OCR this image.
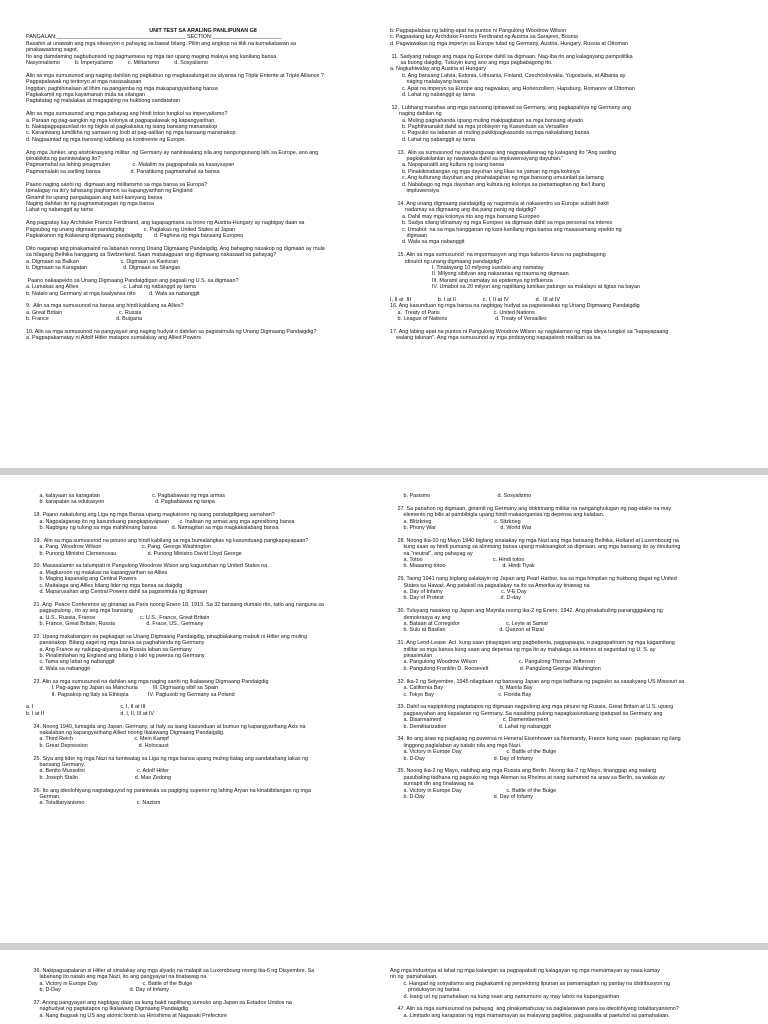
UNIT TEST SA ARALING PANLIPUNAN G8
PANGALAN:___________________________________________ SECTION:_______________________
Basahin at unawain ang mga siteasyon o pahayag sa bawat bilang. Piliin ang angkop na titik na kumakatawan sa
pinakawastong sagot.
Ito ang damdaming nagbubunsod ng pagmamasa ng mga tao upang maging malaya ang kanilang bansa.
Nasyonalismo          b. Imperyalismo          c. Militarismo          d. Sosyalismo
Alin sa mga sumusunod ang naging dahilan ng pagkabuo ng magkasalungat na alyansa ng Triple Entente at Triple Alliance ?
Pagpapalawak ng teritoryo at mga nasasakupan
Inggitan, paghihinalaan at lihim na pangamba ng mga makapangyarihang bansa
Pagkakamit ng mga kayamanan mula sa silangan
Pagtatatag ng malalakas at magagaling na hukbong sandatahan
Alin sa mga sumusunod ang mga pahayag ang hindi totoo tungkol sa imperyalismo?
a. Paraan ng pag-aangkin ng mga kolonya at pagpapalawak ng kapangyarihan.
b. Nakapagpapaunlad ito ng bigkis at pagkakaisa ng isang bansang mananakop
c. Karaniwang lumilikha ng samaan ng loob at pag-aalitan ng mga bansang mananakop.
d. Nagpaunlad ng mga bansang kabilang sa kontinente ng Europe.
Ang mga Junker, ang aristokrasyang militar  ng Germany ay naniniwalang sila ang nangungunang lahi sa Europe, ano ang
ipinakikita ng paniniwalang ito?
Pagmamahal sa lahing pinagmulan               c. Malalim na pagpapahala sa kasaysayan
Pagmamalaki sa sariling bansa                    d. Panatikong pagmamahal sa bansa
Paano naging sanhi ng  digmaan ang militarismo sa mga bansa sa Europa?
Ipinalagay na ito'y tahasang paghamon sa kapangyarihan ng England
Ginamit ito upang pangalagaan ang kani-kaniyang bansa
Naging dahilan ito ng pagmamatyagan ng mga bansa
Lahat ng nabanggit ay tama
Ang pagpatay kay Archduke Francis Ferdinand, ang tagapagmana sa trono ng Austria-Hungary ay nagbigay daan sa
Pagsubog ng unang digmaan pandaigdig             c. Paglakas ng United States at Japan
Pagkakanon ng ikalawang digmaang pandaigdig        d. Paghina ng mga bansang Europeo
Dito naganap ang pinakamainit na labanan noong Unang Digmaang Pandaigdig. Ang bahaging nasakop ng digmaan ay mula
sa hilagang Belhika hanggang sa Switzerland. Saan matatagpuan ang digmaang nakasaad sa pahayag?
a. Digmaan sa Balkan                            c. Digmaan sa Kanluran
b. Digmaan sa Karagatan                        d. Digmaan sa Silangan
Paano nakaapekto sa Unang Digmaang Pandaigdigan ang pagsali ng U.S. sa digmaan?
a. Lumakas ang Allies                              c. Lahat ng nabanggit ay tama
b. Natalo ang Germany at mga kaalyansa nito         d. Wala sa nabanggit
9.  Alin sa mga sumusunod na bansa ang hindi kabilang sa Allies?
a. Great Britain                                      c. Russia
b. France                                             d. Bulgaria
10. Alin sa mga sumusunod na pangyayari ang naging hudyat o dahilan sa pagsisimula ng Unang Digmaang Pandaigdig?
a. Pagpapakamatay ni Adolf Hitler matapos sumalakay ang Allied Powers
b. Pagpapalabas ng labing-apat na puntos ni Pangulong Woodrow Wilson
c. Pagpaslang kay Archduke Francis Ferdinand ng Austria sa Sarajevo, Bosnia
d. Pagwawakas ng mga imperyo sa Europe tulad ng Germany, Austria, Hungary, Russia at Ottoman
11. Sadyang nabago ang mapa ng Europe dahil sa digmaan. Nag-iba rin ang kalagayang pampolitika
sa buong daigdig. Tukuyin kung ano ang mga pagbabagong ito.
a. Nagkahiwalay ang Austria at Hungary
b. Ang bansang Latvia, Estonia, Lithuania, Finland, Czechoslovakia, Yugoslavia, at Albania ay
naging malalayang bansa
c. Apat na imperyo sa Europe ang nagwakas, ang Hohenzollern, Hapsburg, Romanov at Ottoman
d. Lahat ng nabanggit ay tama
12.  Lubhang marahas ang mga parusang ipinawad sa Germany, ang pagkapahiya ng Germany ang
naging dahilan ng
a. Muling paghahanda upang muling makipaglaban sa mga bansang alyado
b. Paghihinanakit dahil sa mga probisyon ng Kasunduan sa Versailles
c. Pagsuko sa labanan at muling pakikipagkasundo sa mga nakalabang bansa
d. Lahat ng nabanggit ay tama
13.  Alin sa sumusunod na pangungusap ang nagpapaliwanag ng katagang ito "Ang sariling
pagkakakilanlan ay nawawala dahil sa impluwensiyang dayuhan."
a. Napapanatili ang kultura ng isang bansa
b. Pinakikinabangan ng mga dayuhan ang likas na yaman ng mga kolonya
c. Ang kulturang dayuhan ang pinahalagahan ng mga bansang umuunlad pa lamang
d. Nababago ng mga dayuhan ang kultura ng kolonya sa pamamagitan ng iba't ibang
impluwensiya
14. Ang unang digmaang pandaigdig ay nagsimula at nakasentro sa Europe subalit bakit
nadamay sa digmaang ang iba pang panig ng daigdig?
a. Dahil may mga kolonya rito ang mga bansang Europeo
b. Sadya silang idinamay ng mga Europeo sa digmaan dahil sa mga personal na interes
c. Umabot  na sa mga hangganan ng kani-kanilang mga bansa ang masasamang epekto ng
digmaan
d. Wala sa mga nabanggit
15. Alin sa mga sumusunod  na impormasyon ang mga kalunos-lunos na pagbabagong
idinulot ng unang digmaang pandaigdig?
I. Tinatayang 10 milyong sundalo ang namatay
II. Milyong sibilyan ang nakaranas ng trauma ng digmaan
III. Marami ang namatay sa epidemya ng influenza
IV. Umabot sa 20 milyon ang napilitang lumikas patungo sa malalayo at ligtas na bayan
I, II at  III                  b. I at II                  c. I, II at IV                  d.  III at IV
16. Ang kasunduan ng mga bansa na nagbigay hudyat sa pagwawakas ng Unang Digmaang Pandaigdig
a.  Treaty of Paris                                    c. United Nations
b. League of Nations                                d. Treaty of Versailles
17. Ang labing apat na puntos ni Pangulong Woodrow Wilson ay naglalaman ng mga ideya tungkol sa "kapayapaang
walang talunan". Ang mga sumusunod ay mga probisyong napapaloob maliban sa isa
a. kalayaan sa karagatan                                   c. Pagbabawas ng mga armas
b. karapatan sa edukasyon                                  d. Pagbabawas ng taripa
18. Paano nakatulong ang Liga ng mga Bansa upang magkaroon ng isang pandaigdigang samahan?
a. Nagpalaganap ito ng kasunduang pangkapayapaan       c. Inalisan ng armas ang mga agresibong bansa
b. Nagbigay ng tulong sa mga mahihinang bansa          d. Namagitan sa mga magkakalabang bansa
19.  Alin sa mga sumusunod na pinuno ang hindi kabilang sa mga bumalangkas ng kasunduang pangkapayapaan?
a. Pang. Woodrow Wilson                           c. Pang. George Washington
b. Punong Ministro Clemenceau                     d. Punong Ministro David Lloyd George
20. Masasalamin sa talumpati ni Pangulong Woodrow Wison ang kagustuhan ng United States na
a. Magkaroon ng malakas na kapangyarihan sa Allies
b. Maging kapanalig ang Central Powers
c. Maitalaga ang Allies bilang lider ng mga bansa sa daigdig
d. Maparusahan ang Central Powers dahil sa pagsisimula ng digmaan
21. Ang  Peace Conference ay ginanap sa Paris noong Enero 18, 1919. Sa 32 bansang dumalo rito, tatlo ang nanguna sa
pagpupulong , ito ay ang mga bansang
a. U.S., Russia, France                              c. U.S., France, Great Britain
b. France, Great Britain, Russia                     d. Frace, US., Germany
22. Upang makabangon sa pagkagapi sa Unang Digmaang Pandaigdig, pinagbalakang mabuti ni Hitler ang muling
pananakop. Bilang saget ng mga bansa sa paghahanda ng Germany
a. Ang France ay nakipag-alyansa sa Russia laban sa Germany
b. Pinalimitahan ng England ang bilang o laki ng pwersa ng Germany
c. Tama ang lahat ng nabanggit
d. Wala sa nabanggit
23. Alin sa mga sumusunod na dahilan ang mga naging sanhi ng Ikalawang Digmaang Pandaigdig
I. Pag-agaw ng Japan sa Manchuria          III. Digmaang sibil sa Spain
II. Pagsakop ng Italy sa Ethiopia             IV. Paglusob ng Germany sa Poland
a. I                                                          c. I, II at III
b. I at II                                                   d. I, II, III at IV
24. Noong 1940, lumagda ang Japan, Germany, at Italy sa isang kasunduan at bumuo ng kapangyarihang Axis na
nakalaban ng kapangyarihang Allied noong Ikalawang Digmaang Pandaigdig.
a. Third Reich                                         c. Mein Kampf
b. Great Depression                                  d. Holocaust
25. Siya ang lider ng mga Nazi na tumiwalag sa Liga ng mga bansa upang muling itatag ang sandatahang lakas ng
bansang Germany.
a. Benito Mussolini                                   c. Adolf Hitler
b. Joseph Stalin                                      d. Mao Zedong
26. Ito ang ideolohiyang nagtataguyod ng paniniwala sa pagiging superior ng lahing Aryan na kinabibilangan ng mga
German.
a. Totalitaryanismo                                   c. Nazism
b. Pasismo                                             d. Sosyalismo
27. Sa panahon ng digmaan, ginamit ng Germany ang doktrinang militar na nanganghulugan ng pag-atake na may
elemento ng bilis at pambibigla upang hindi makaorganisa ng depensa ang kalaban.
a. Blitzkrieg                                          c. Sitzkrieg
b. Phony War                                           d. World War
28. Noong ika-10 ng Mayo 1940 biglang sinalakay ng mga Nazi ang mga bansang Belhika, Holland at Luxembourg na
kung saan ay hindi pumanig sa alinmang bansa upang makisangkot sa digmaan, ang mga bansang ito ay itinuturing
na "neutral", ang pahayag ay
a. Totoo                                               c. Hindi totoo
b. Maaaring totoo                                      d. Hindi Tiyak
29. Taong 1941 nang biglang salakayin ng Japan ang Pearl Harbor, isa sa mga himpilan ng hukbong dagat ng United
States sa Hawaii. Ang pataksil na pagsalakay na ito sa Amerika ay tinawag na
a. Day of Infamy                                       c. V-E Day
b. Day of Protest                                      d. D-day
30. Tuluyang nasakop ng Japan ang Maynila noong ika-2 ng Enero, 1942. Ang pinakahuling panangggalang ng
demokrasya ay ang
a. Bataan at Corregidor                               c. Leyte at Samar
b. Sulu at Basilan                                    d. Quezon at Rizal
31. Ang Lend-Lease  Act  kung saan pinayagan ang pagbebenta, pagpapaupa, o pagpapahiram ng mga kagamitang
militar sa mga bansa kung saan ang depensa ng mga ito ay mahalaga sa interes at seguridad ng U. S. ay
pinasimulan
a. Pangulong Woodrow Wilson                            c. Pangulong Thomas Jefferson
b. Pangulong Franklin D. Roosevelt                     d. Pangulong George Washington
32. Ika-2 ng Setyembre, 1945 nilagdaan ng bansang Japan ang mga tadhana ng pagsuko sa sasakyang US Missouri sa
a. California Bay                                      b. Manila Bay
c. Tokyo Bay                                           c. Florida Bay
33. Dahil sa napipintong pagtatapos ng digmaan nagpulong ang mga pinuno ng Russia, Great Britain at U.S. upang
pagpasyahan ang kapalaran ng Germany. Sa nasabing pulong napagkasunduang ipatupad sa Germany ang
a. Disarmament                                         c. Dismemberment
b. Demilitarization                                   d. Lahat ng nabanggit
34. Ito ang araw ng paglapag ng puwersa ni Heneral Eisenhower sa Normandy, France kung saan  pagkaraan ng ilang
linggong paglalaban ay natalo nila ang mga Nazi.
a. Victory in Europe Day                              c. Battle of the Bulge
b. D-Day                                              d. Day of Infamy
35. Noong ika-2 ng Mayo, nabihag ang mga Russia ang Berlin. Noong ika-7 ng Mayo, tinanggap ang walang
pasubaling tadhana ng pagsuko ng mga Aleman sa Rheims at nang sumunod na araw sa Berlin, sa wakas ay
sumapit din ang tinatawag na
a. Victory in Europe Day                              c. Battle of the Bulge
b. D-Day                                              d. Day of Infamy
36. Nakipagsapalaran si Hitler at sinalakay ang mga alyado na malapit sa Luxembourg noong ika-6 ng Disyembre. Sa
labanang ito natalo ang mga Nazi, ito ang pangyayari na tinatawag na
a. Victory in Europe Day                              c. Battle of the Bulge
b. D-Day                                              d. Day of Infamy
37. Anong pangyayari ang nagbigay daan sa kung bakit napilitang sumuko ang Japan sa Estados Unidos na
naghudyat ng pagtatapos ng Ikalawang Digmaang Pandaigdig
a. Nang ibagsak ng US ang atomic bomb sa Hiroshima at Nagasaki Prefecture
Ang mga industriya at lahat ng mga kalangan sa pagpapabuti ng kalagayan ng mga mamamayan ay nasa kamay
rin ng  pamahalaan.
c. Hangad ng sosyalismo ang pagkakamit ng perpektong lipunan sa pamamagitan ng pantay na distribusyon ng
produksyon ng bansa.
d. Isang uri ng pamahalaan na kung saan ang namumuno ay may labos na kapangyarihan
47. Alin sa mga sumusunod na pahayag  ang pinakamahusay sa paglalarawan para sa ideolohiyang totalitaryanismo?
a. Limitado ang karapatan ng mga mamamayan sa malayang pagkilos, pagsasalita at paetulod sa pamahalaan.
